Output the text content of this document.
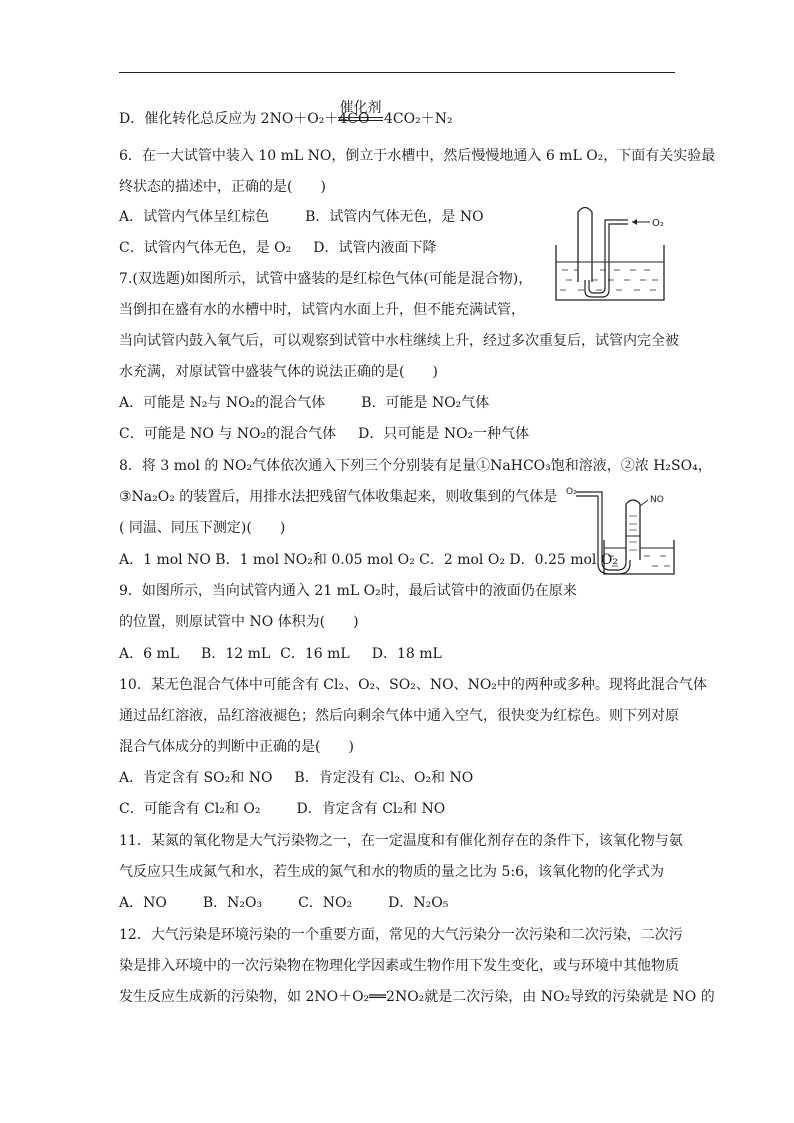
D．催化转化总反应为 2NO＋O₂＋4CO
催化剂
4CO₂＋N₂
6．在一大试管中装入 10 mL NO，倒立于水槽中，然后慢慢地通入 6 mL O₂，下面有关实验最
终状态的描述中，正确的是(　　)
A．试管内气体呈红棕色	B．试管内气体无色，是 NO
C．试管内气体无色，是 O₂ D．试管内液面下降
O₂
7.(双选题)如图所示，试管中盛装的是红棕色气体(可能是混合物)，
当倒扣在盛有水的水槽中时，试管内水面上升，但不能充满试管，
当向试管内鼓入氧气后，可以观察到试管中水柱继续上升，经过多次重复后，试管内完全被
水充满，对原试管中盛装气体的说法正确的是(　　)
A．可能是 N₂与 NO₂的混合气体	B．可能是 NO₂气体
C．可能是 NO 与 NO₂的混合气体 D．只可能是 NO₂一种气体
8．将 3 mol 的 NO₂气体依次通入下列三个分别装有足量①NaHCO₃饱和溶液，②浓 H₂SO₄，
③Na₂O₂ 的装置后，用排水法把残留气体收集起来，则收集到的气体是
( 同温、同压下测定)(　　)
A．1 mol NO B．1 mol NO₂和 0.05 mol O₂ C．2 mol O₂ D．0.25 mol O₂
O₂
NO
9．如图所示，当向试管内通入 21 mL O₂时，最后试管中的液面仍在原来
的位置，则原试管中 NO 体积为(　　)
A．6 mL B．12 mL C．16 mL D．18 mL
10．某无色混合气体中可能含有 Cl₂、O₂、SO₂、NO、NO₂中的两种或多种。现将此混合气体
通过品红溶液，品红溶液褪色；然后向剩余气体中通入空气，很快变为红棕色。则下列对原
混合气体成分的判断中正确的是(　　)
A．肯定含有 SO₂和 NO B．肯定没有 Cl₂、O₂和 NO
C．可能含有 Cl₂和 O₂	D．肯定含有 Cl₂和 NO
11．某氮的氧化物是大气污染物之一，在一定温度和有催化剂存在的条件下，该氧化物与氨
气反应只生成氮气和水，若生成的氮气和水的物质的量之比为 5:6，该氧化物的化学式为
A．NO	B．N₂O₃	C．NO₂	D．N₂O₅
12．大气污染是环境污染的一个重要方面，常见的大气污染分一次污染和二次污染，二次污
染是排入环境中的一次污染物在物理化学因素或生物作用下发生变化，或与环境中其他物质
发生反应生成新的污染物，如 2NO＋O₂══2NO₂就是二次污染，由 NO₂导致的污染就是 NO 的
